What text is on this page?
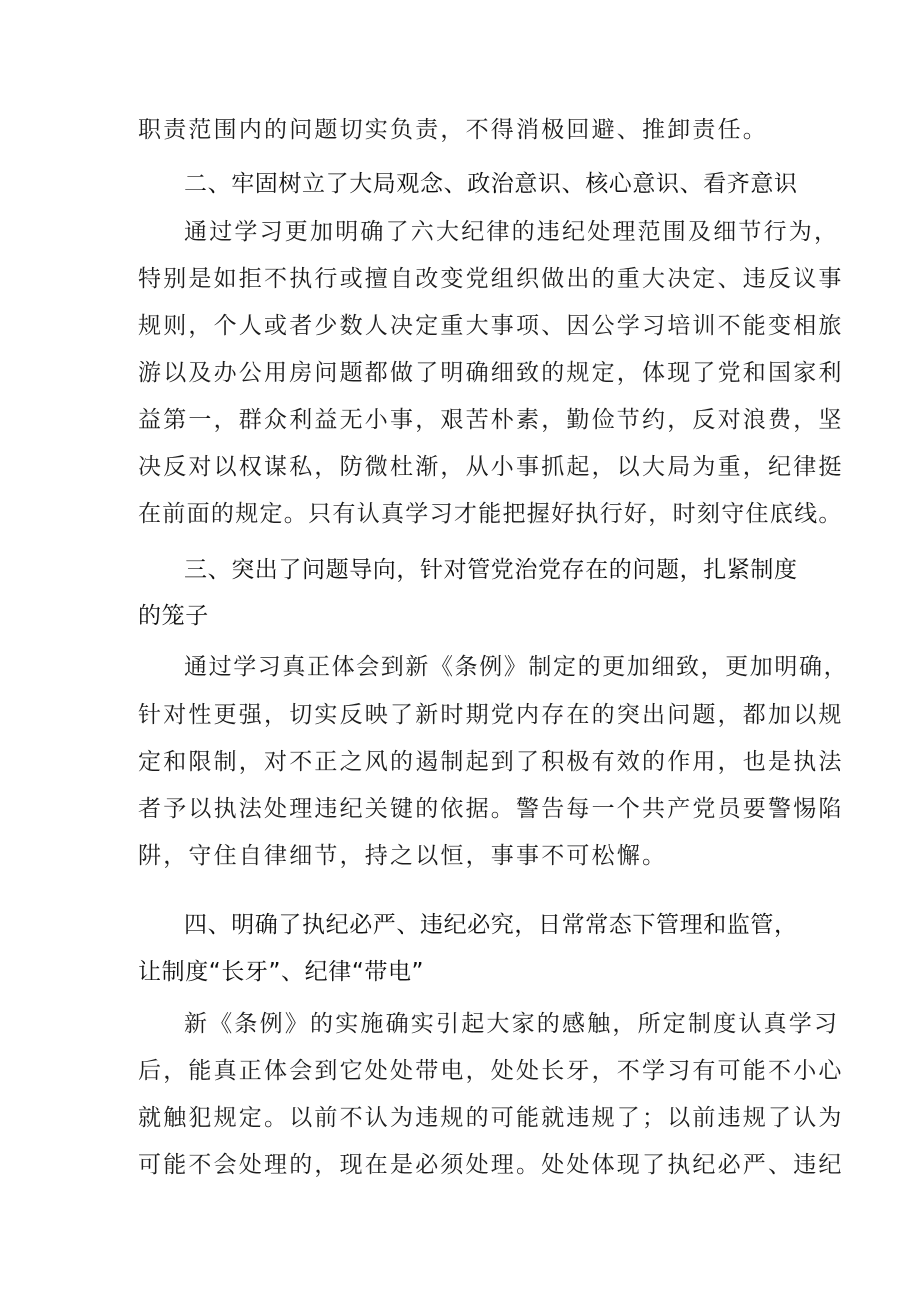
职责范围内的问题切实负责，不得消极回避、推卸责任。
二、牢固树立了大局观念、政治意识、核心意识、看齐意识
通过学习更加明确了六大纪律的违纪处理范围及细节行为，
特别是如拒不执行或擅自改变党组织做出的重大决定、违反议事
规则，个人或者少数人决定重大事项、因公学习培训不能变相旅
游以及办公用房问题都做了明确细致的规定，体现了党和国家利
益第一，群众利益无小事，艰苦朴素，勤俭节约，反对浪费，坚
决反对以权谋私，防微杜渐，从小事抓起，以大局为重，纪律挺
在前面的规定。只有认真学习才能把握好执行好，时刻守住底线。
三、突出了问题导向，针对管党治党存在的问题，扎紧制度
的笼子
通过学习真正体会到新《条例》制定的更加细致，更加明确，
针对性更强，切实反映了新时期党内存在的突出问题，都加以规
定和限制，对不正之风的遏制起到了积极有效的作用，也是执法
者予以执法处理违纪关键的依据。警告每一个共产党员要警惕陷
阱，守住自律细节，持之以恒，事事不可松懈。
四、明确了执纪必严、违纪必究，日常常态下管理和监管，
让制度“长牙”、纪律“带电”
新《条例》的实施确实引起大家的感触，所定制度认真学习
后，能真正体会到它处处带电，处处长牙，不学习有可能不小心
就触犯规定。以前不认为违规的可能就违规了；以前违规了认为
可能不会处理的，现在是必须处理。处处体现了执纪必严、违纪
